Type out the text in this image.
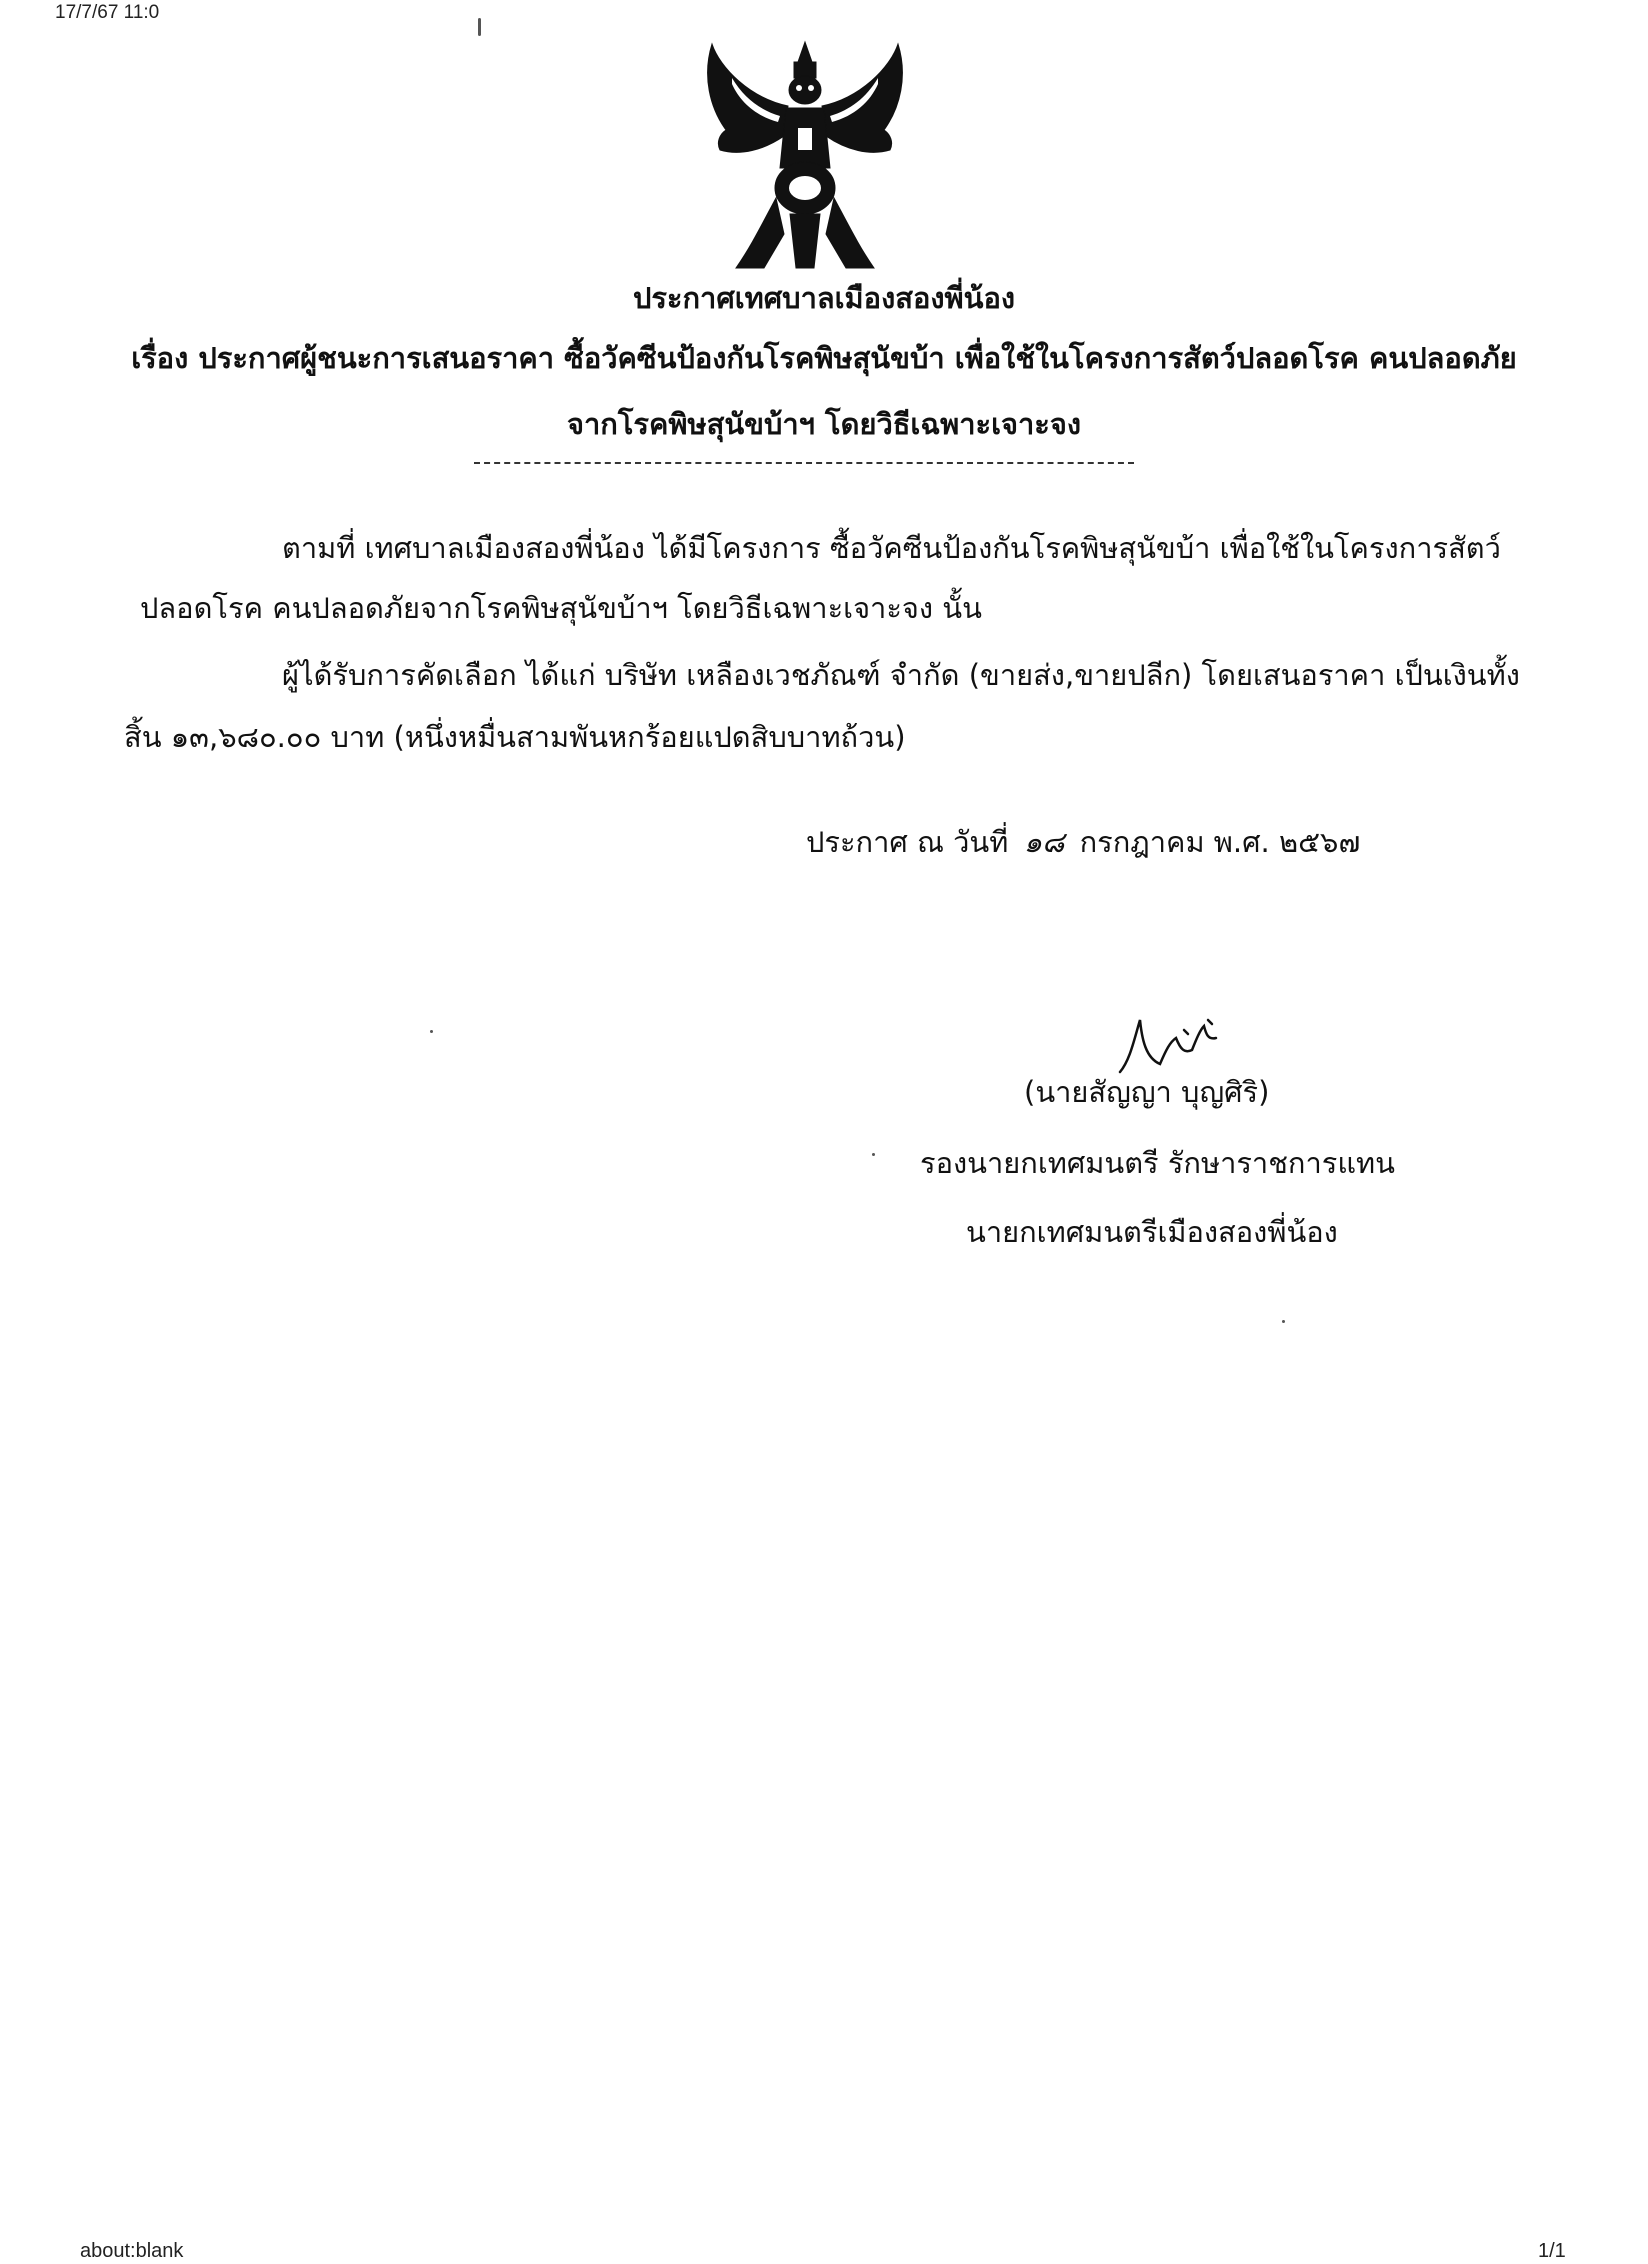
17/7/67 11:0
ประกาศเทศบาลเมืองสองพี่น้อง
เรื่อง ประกาศผู้ชนะการเสนอราคา ซื้อวัคซีนป้องกันโรคพิษสุนัขบ้า เพื่อใช้ในโครงการสัตว์ปลอดโรค คนปลอดภัย
จากโรคพิษสุนัขบ้าฯ โดยวิธีเฉพาะเจาะจง
ตามที่ เทศบาลเมืองสองพี่น้อง ได้มีโครงการ ซื้อวัคซีนป้องกันโรคพิษสุนัขบ้า เพื่อใช้ในโครงการสัตว์
ปลอดโรค คนปลอดภัยจากโรคพิษสุนัขบ้าฯ โดยวิธีเฉพาะเจาะจง นั้น
ผู้ได้รับการคัดเลือก ได้แก่ บริษัท เหลืองเวชภัณฑ์ จำกัด (ขายส่ง,ขายปลีก) โดยเสนอราคา เป็นเงินทั้ง
สิ้น ๑๓,๖๘๐.๐๐ บาท (หนึ่งหมื่นสามพันหกร้อยแปดสิบบาทถ้วน)
ประกาศ ณ วันที่ ๑๘ กรกฎาคม พ.ศ. ๒๕๖๗
(นายสัญญา บุญศิริ)
รองนายกเทศมนตรี รักษาราชการแทน
นายกเทศมนตรีเมืองสองพี่น้อง
about:blank	1/1
